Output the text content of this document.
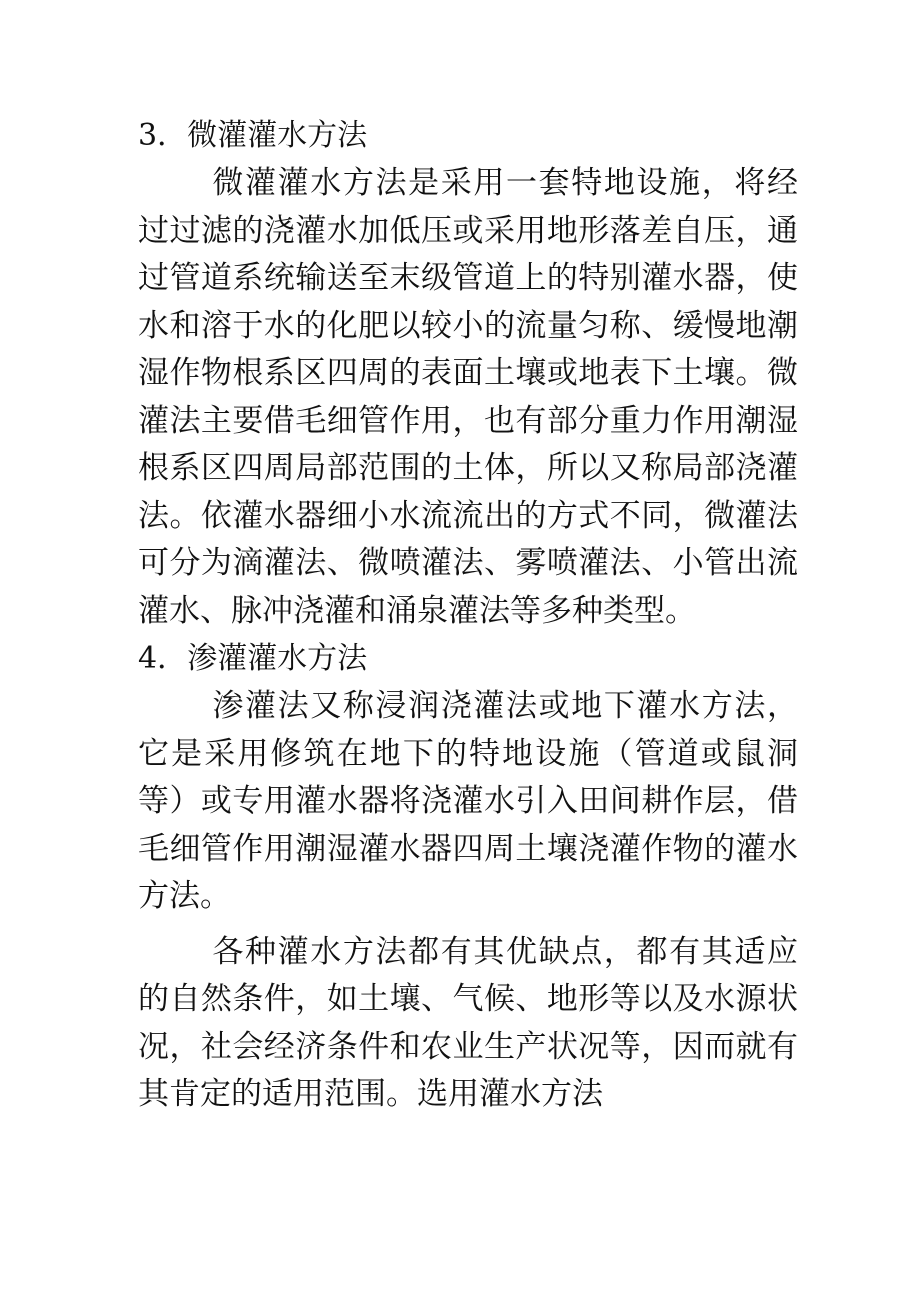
3．微灌灌水方法

微灌灌水方法是采用一套特地设施，将经过过滤的浇灌水加低压或采用地形落差自压，通过管道系统输送至末级管道上的特别灌水器，使水和溶于水的化肥以较小的流量匀称、缓慢地潮湿作物根系区四周的表面土壤或地表下土壤。微灌法主要借毛细管作用，也有部分重力作用潮湿根系区四周局部范围的土体，所以又称局部浇灌法。依灌水器细小水流流出的方式不同，微灌法可分为滴灌法、微喷灌法、雾喷灌法、小管出流灌水、脉冲浇灌和涌泉灌法等多种类型。

4．渗灌灌水方法

渗灌法又称浸润浇灌法或地下灌水方法，它是采用修筑在地下的特地设施（管道或鼠洞等）或专用灌水器将浇灌水引入田间耕作层，借毛细管作用潮湿灌水器四周土壤浇灌作物的灌水方法。

各种灌水方法都有其优缺点，都有其适应的自然条件，如土壤、气候、地形等以及水源状况，社会经济条件和农业生产状况等，因而就有其肯定的适用范围。选用灌水方法
